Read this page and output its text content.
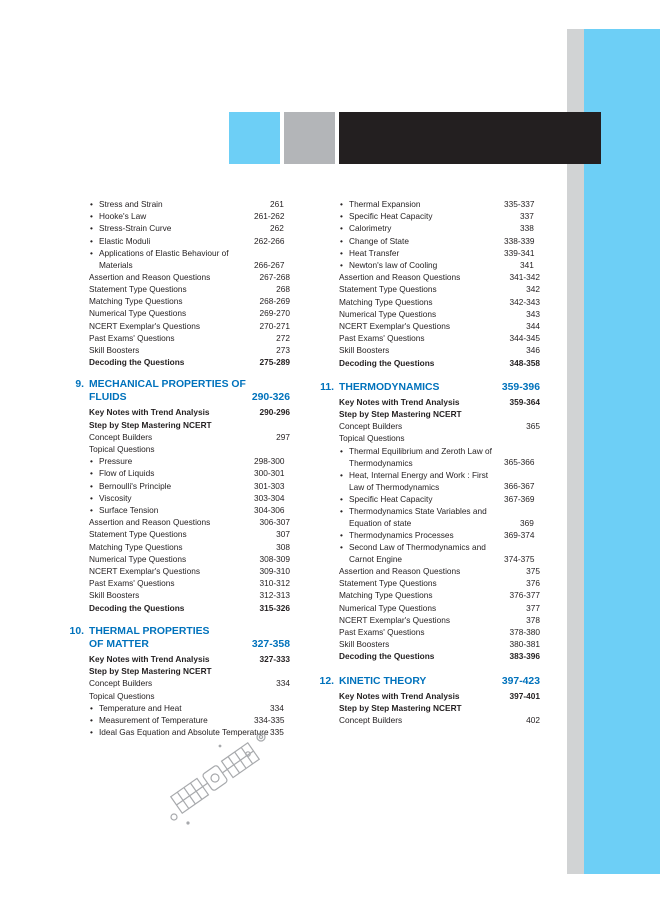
• Stress and Strain	261
• Hooke's Law	261-262
• Stress-Strain Curve	262
• Elastic Moduli	262-266
• Applications of Elastic Behaviour of Materials	266-267
Assertion and Reason Questions	267-268
Statement Type Questions	268
Matching Type Questions	268-269
Numerical Type Questions	269-270
NCERT Exemplar's Questions	270-271
Past Exams' Questions	272
Skill Boosters	273
Decoding the Questions	275-289
9. MECHANICAL PROPERTIES OF FLUIDS	290-326
Key Notes with Trend Analysis	290-296
Step by Step Mastering NCERT
Concept Builders	297
Topical Questions
• Pressure	298-300
• Flow of Liquids	300-301
• Bernoulli's Principle	301-303
• Viscosity	303-304
• Surface Tension	304-306
Assertion and Reason Questions	306-307
Statement Type Questions	307
Matching Type Questions	308
Numerical Type Questions	308-309
NCERT Exemplar's Questions	309-310
Past Exams' Questions	310-312
Skill Boosters	312-313
Decoding the Questions	315-326
10. THERMAL PROPERTIES OF MATTER	327-358
Key Notes with Trend Analysis	327-333
Step by Step Mastering NCERT
Concept Builders	334
Topical Questions
• Temperature and Heat	334
• Measurement of Temperature	334-335
• Ideal Gas Equation and Absolute Temperature 335
• Thermal Expansion	335-337
• Specific Heat Capacity	337
• Calorimetry	338
• Change of State	338-339
• Heat Transfer	339-341
• Newton's law of Cooling	341
Assertion and Reason Questions	341-342
Statement Type Questions	342
Matching Type Questions	342-343
Numerical Type Questions	343
NCERT Exemplar's Questions	344
Past Exams' Questions	344-345
Skill Boosters	346
Decoding the Questions	348-358
11. THERMODYNAMICS	359-396
Key Notes with Trend Analysis	359-364
Step by Step Mastering NCERT
Concept Builders	365
Topical Questions
• Thermal Equilibrium and Zeroth Law of Thermodynamics	365-366
• Heat, Internal Energy and Work : First Law of Thermodynamics	366-367
• Specific Heat Capacity	367-369
• Thermodynamics State Variables and Equation of state	369
• Thermodynamics Processes	369-374
• Second Law of Thermodynamics and Carnot Engine	374-375
Assertion and Reason Questions	375
Statement Type Questions	376
Matching Type Questions	376-377
Numerical Type Questions	377
NCERT Exemplar's Questions	378
Past Exams' Questions	378-380
Skill Boosters	380-381
Decoding the Questions	383-396
12. KINETIC THEORY	397-423
Key Notes with Trend Analysis	397-401
Step by Step Mastering NCERT
Concept Builders	402
